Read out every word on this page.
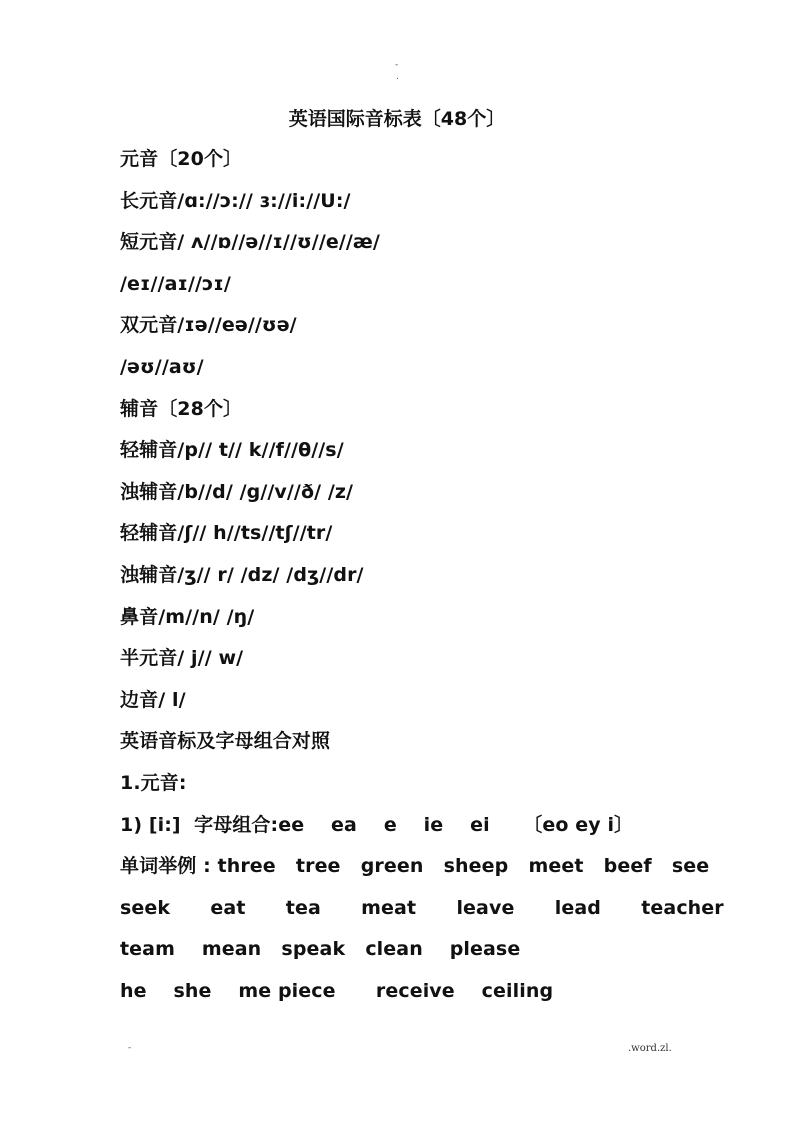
-
.
英语国际音标表〔48个〕
元音〔20个〕
长元音/ɑ://ɔ:// ɜ://i://U:/
短元音/ ʌ//ɒ//ə//ɪ//ʊ//e//æ/
/eɪ//aɪ//ɔɪ/
双元音/ɪə//eə//ʊə/
/əʊ//aʊ/
辅音〔28个〕
轻辅音/p// t// k//f//θ//s/
浊辅音/b//d/ /g//v//ð/ /z/
轻辅音/ʃ// h//ts//tʃ//tr/
浊辅音/ʒ// r/ /dz/ /dʒ//dr/
鼻音/m//n/ /ŋ/
半元音/ j// w/
边音/ l/
英语音标及字母组合对照
1.元音:
1) [i:]  字母组合:ee    ea    e    ie    ei     〔eo ey i〕
单词举例 : three   tree   green   sheep   meet   beef   see
seek      eat      tea      meat      leave      lead      teacher
team    mean   speak   clean    please
he    she    me piece      receive    ceiling
-	.word.zl.
